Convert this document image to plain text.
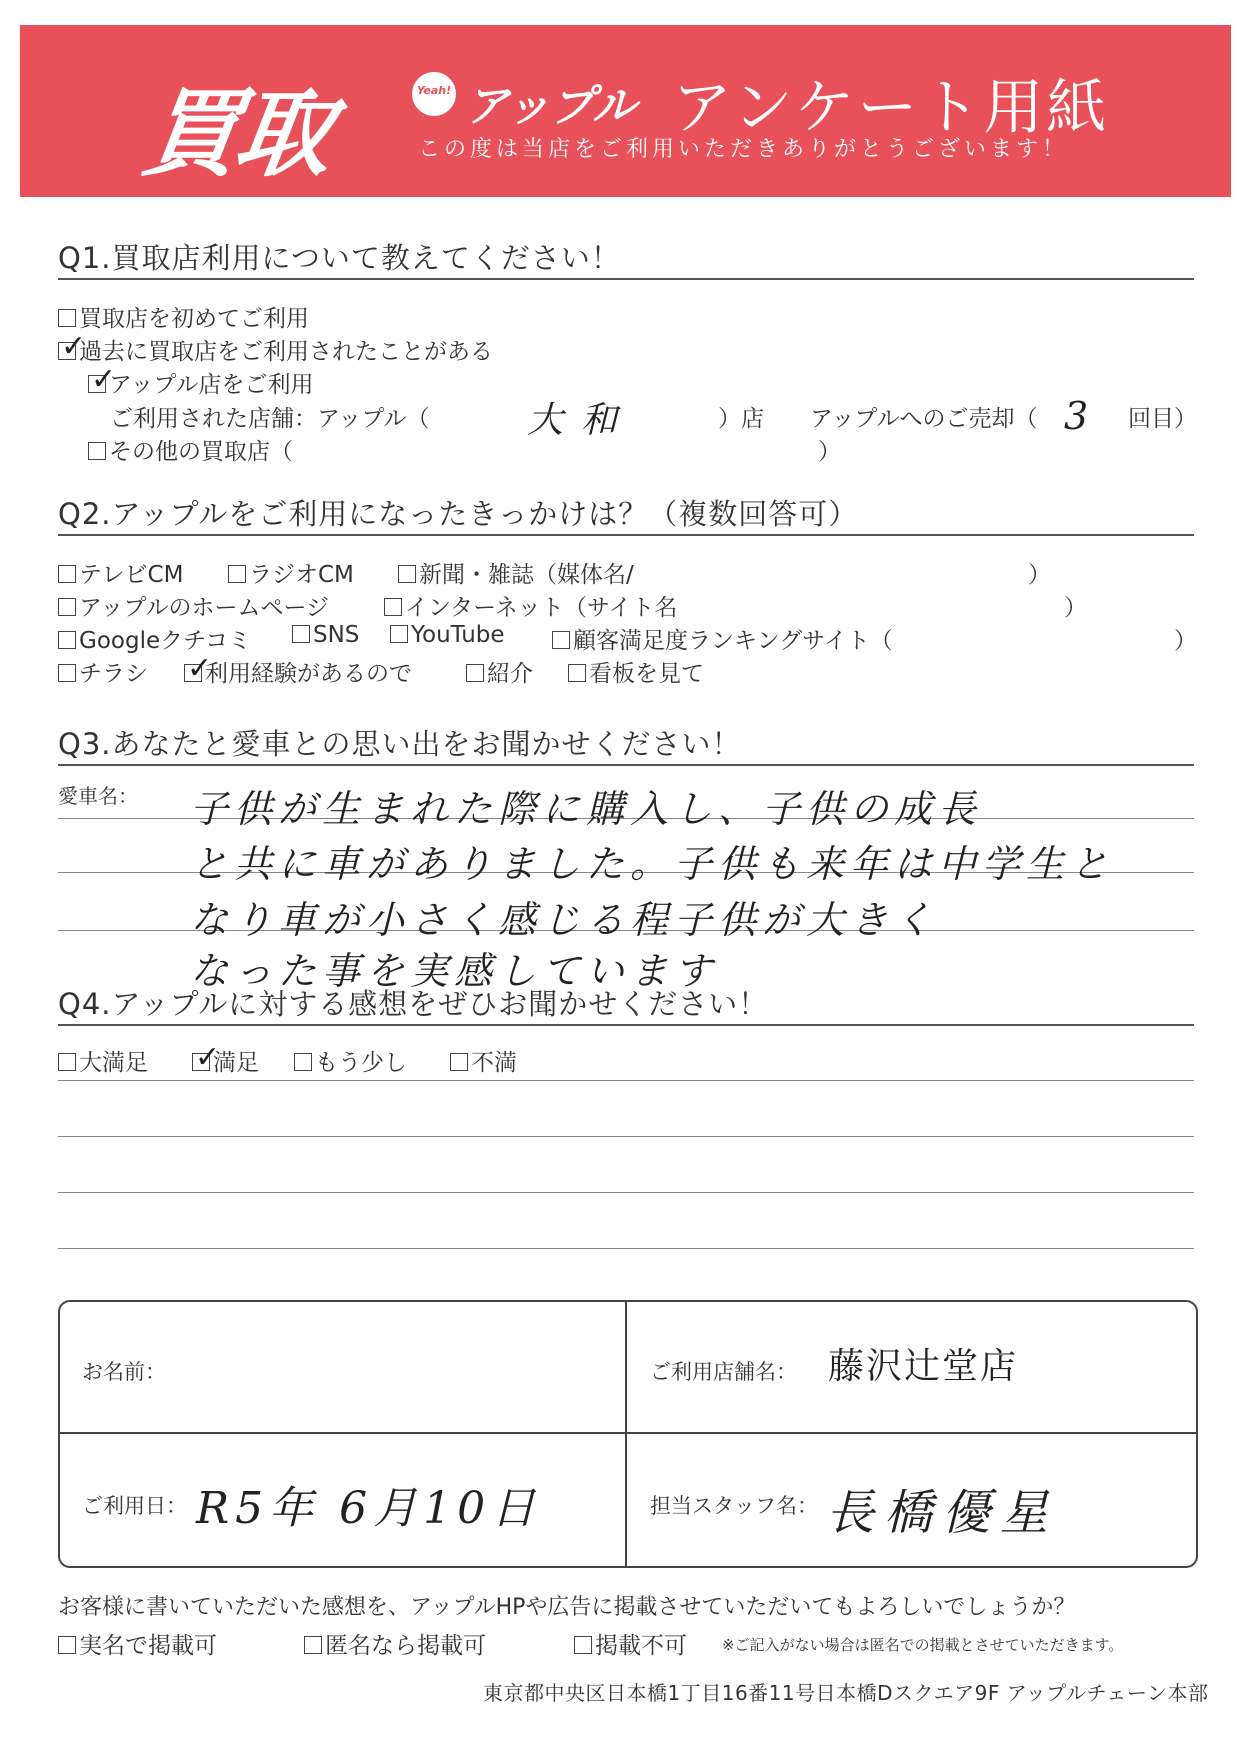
買取	Yeah! アップル アンケート用紙
この度は当店をご利用いただきありがとうございます！
Q1.買取店利用について教えてください！
買取店を初めてご利用
✓
過去に買取店をご利用されたことがある
✓
アップル店をご利用
ご利用された店舗：アップル（	大和	）店 アップルへのご売却（ 3 回目）
その他の買取店（	）
Q2.アップルをご利用になったきっかけは？（複数回答可）
テレビCM	ラジオCM	新聞・雑誌（媒体名/	）
アップルのホームページ	インターネット（サイト名	）
Googleクチコミ	SNS	YouTube	顧客満足度ランキングサイト（	）
チラシ ✓
利用経験があるので	紹介	看板を見て
Q3.あなたと愛車との思い出をお聞かせください！
愛車名： 子供が生まれた際に購入し、子供の成長
と共に車がありました。子供も来年は中学生と
なり車が小さく感じる程子供が大きく
なった事を実感しています
Q4.アップルに対する感想をぜひお聞かせください！
大満足 ✓
満足	もう少し	不満
お名前：	ご利用店舗名： 藤沢辻堂店
ご利用日： R5年 6月10日	担当スタッフ名： 長橋優星
お客様に書いていただいた感想を、アップルHPや広告に掲載させていただいてもよろしいでしょうか？
実名で掲載可	匿名なら掲載可	掲載不可 ※ご記入がない場合は匿名での掲載とさせていただきます。
東京都中央区日本橋1丁目16番11号日本橋Dスクエア9F アップルチェーン本部
